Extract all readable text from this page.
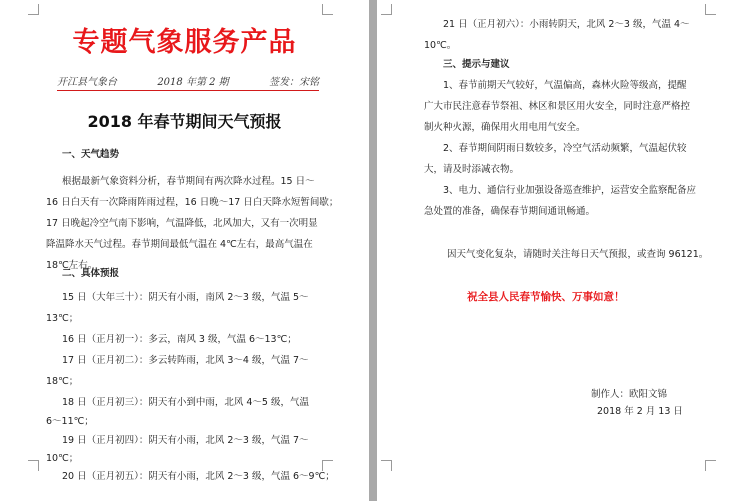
专题气象服务产品
开江县气象台	2018 年第 2 期	签发：宋铭
2018 年春节期间天气预报
一、天气趋势
根据最新气象资料分析，春节期间有两次降水过程。15 日～
16 日白天有一次降雨阵雨过程，16 日晚～17 日白天降水短暂间歇；
17 日晚起冷空气南下影响，气温降低，北风加大，又有一次明显
降温降水天气过程。春节期间最低气温在 4℃左右，最高气温在
18℃左右。
二、具体预报
15 日（大年三十）：阴天有小雨，南风 2～3 级，气温 5～
13℃；
16 日（正月初一）：多云，南风 3 级，气温 6～13℃；
17 日（正月初二）：多云转阵雨，北风 3～4 级，气温 7～
18℃；
18 日（正月初三）：阴天有小到中雨，北风 4～5 级，气温
6～11℃；
19 日（正月初四）：阴天有小雨，北风 2～3 级，气温 7～
10℃；
20 日（正月初五）：阴天有小雨，北风 2～3 级，气温 6～9℃；
21 日（正月初六）：小雨转阴天，北风 2～3 级，气温 4～
10℃。
三、提示与建议
1、春节前期天气较好，气温偏高，森林火险等级高，提醒
广大市民注意春节祭祖、林区和景区用火安全，同时注意严格控
制火种火源，确保用火用电用气安全。
2、春节期间阴雨日数较多，冷空气活动频繁，气温起伏较
大，请及时添减衣物。
3、电力、通信行业加强设备巡查维护，运营安全监察配备应
急处置的准备，确保春节期间通讯畅通。
因天气变化复杂，请随时关注每日天气预报，或查询 96121。
祝全县人民春节愉快、万事如意！
制作人：欧阳文锦
2018 年 2 月 13 日
